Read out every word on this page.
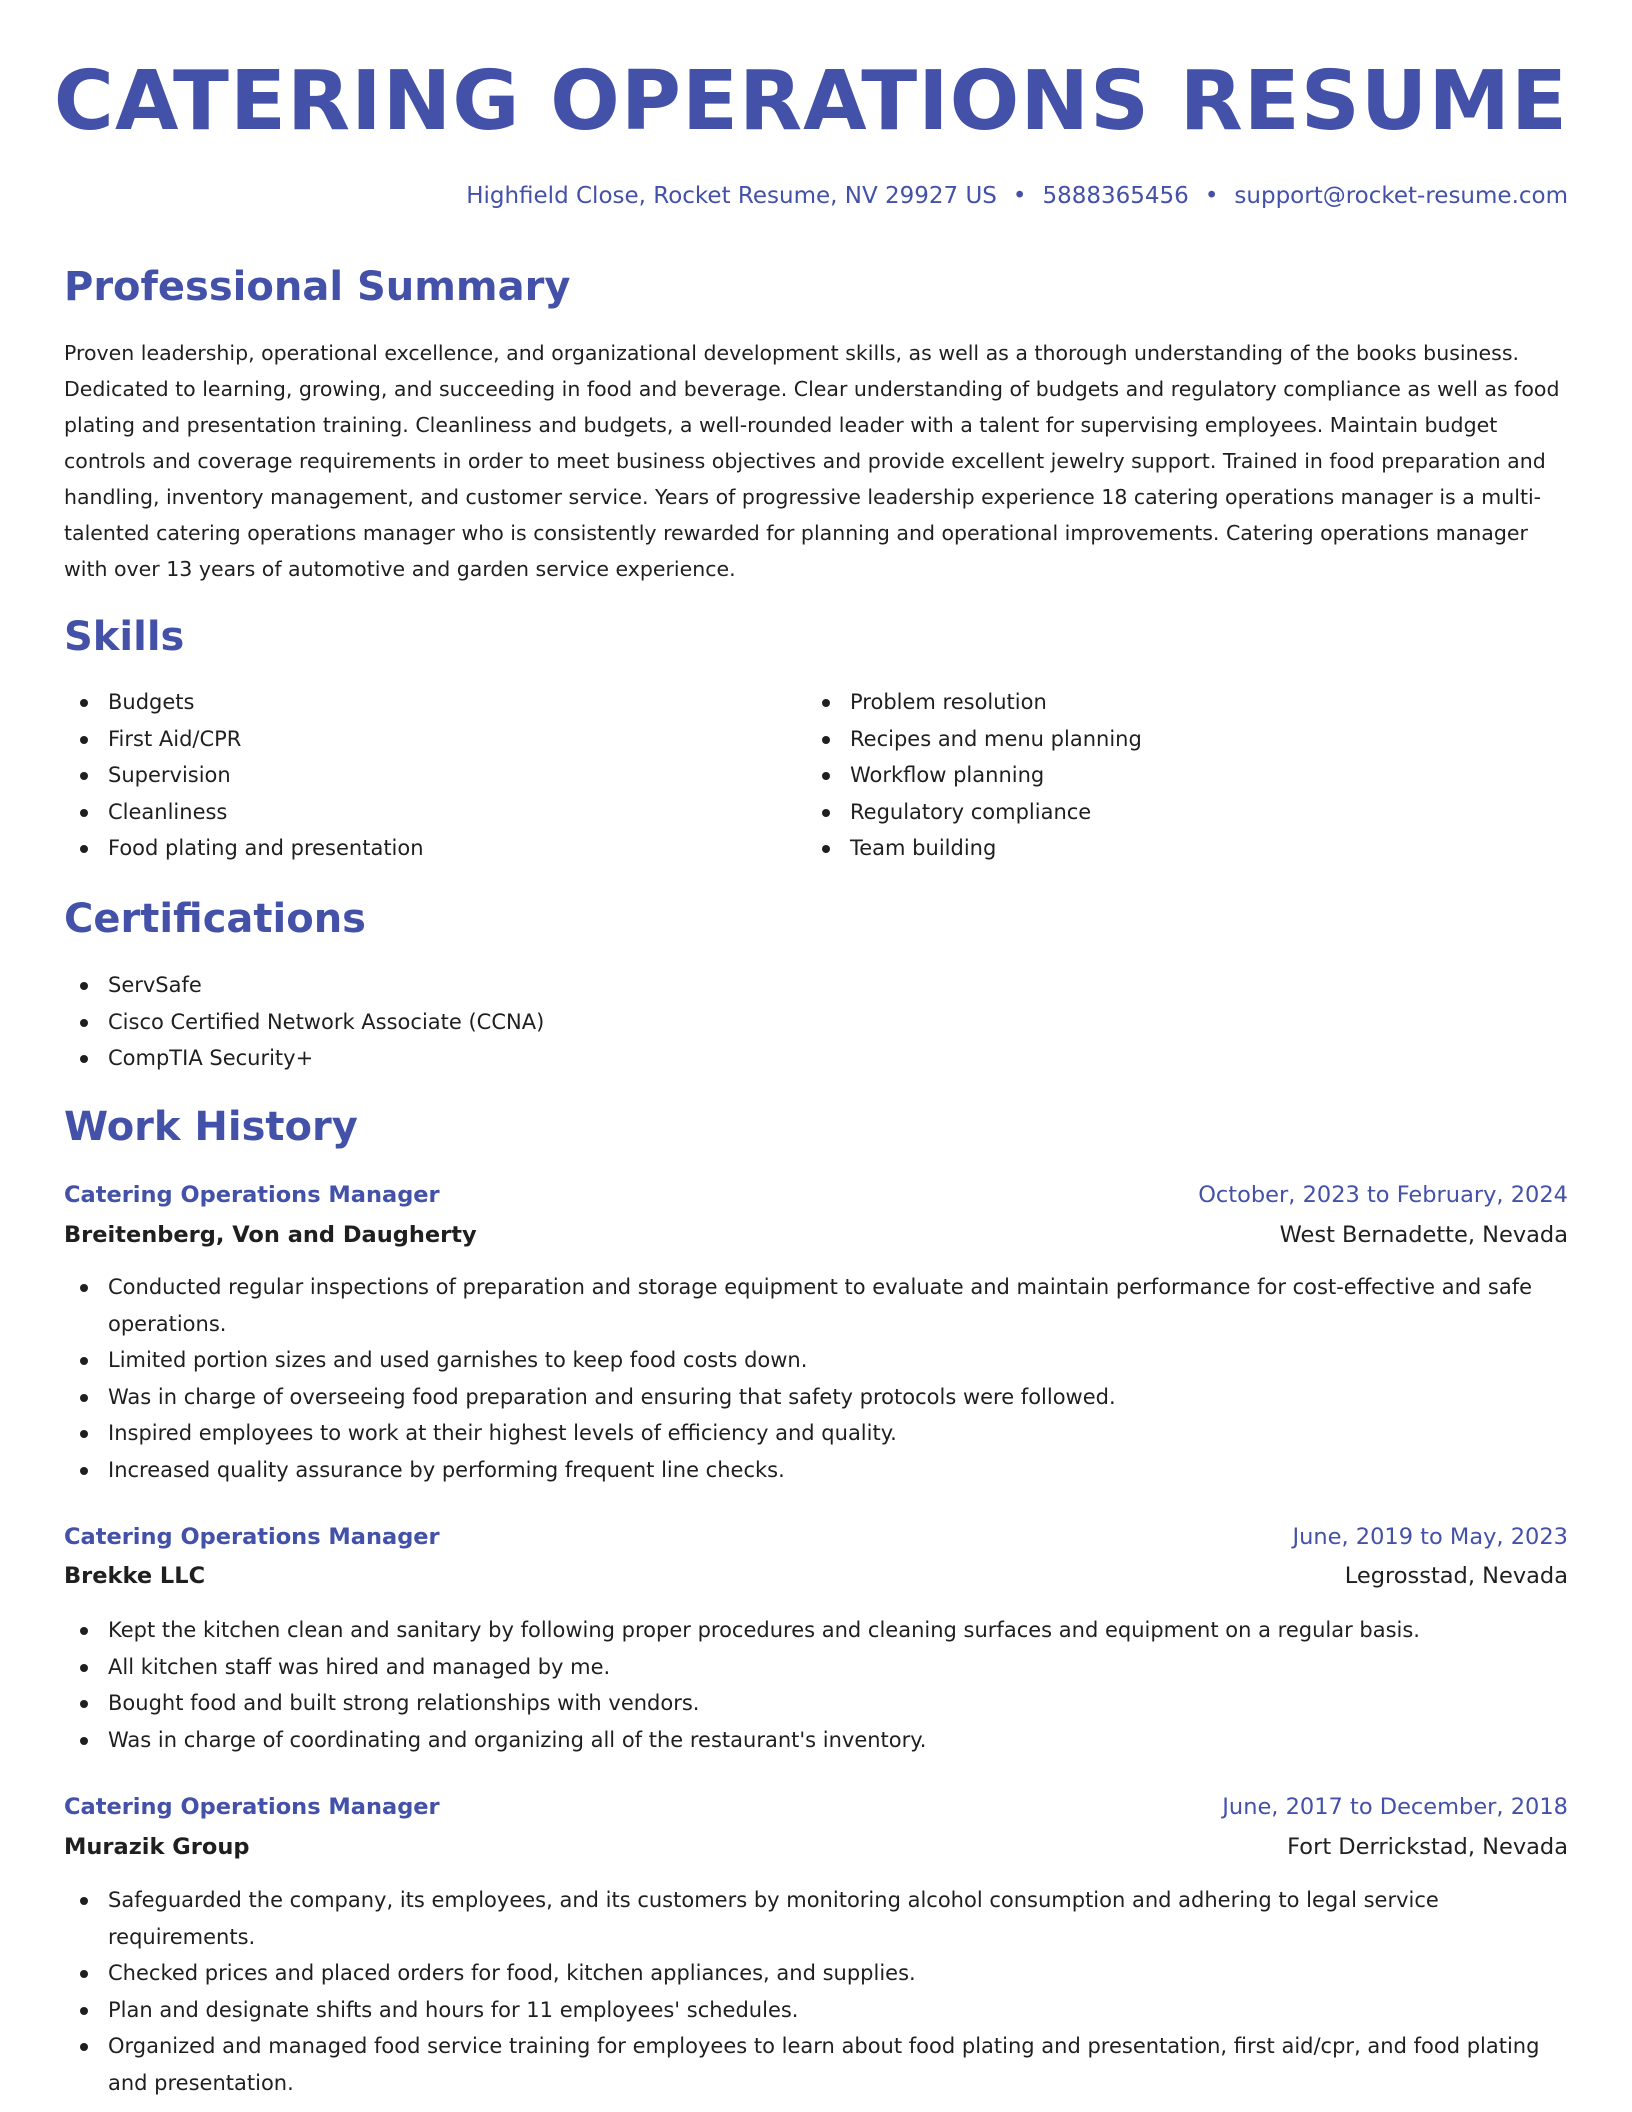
CATERING OPERATIONS RESUME
Highfield Close, Rocket Resume, NV 29927 US • 5888365456 • support@rocket-resume.com
Professional Summary

Proven leadership, operational excellence, and organizational development skills, as well as a thorough understanding of the books business. Dedicated to learning, growing, and succeeding in food and beverage. Clear understanding of budgets and regulatory compliance as well as food plating and presentation training. Cleanliness and budgets, a well-rounded leader with a talent for supervising employees. Maintain budget controls and coverage requirements in order to meet business objectives and provide excellent jewelry support. Trained in food preparation and handling, inventory management, and customer service. Years of progressive leadership experience 18 catering operations manager is a multi-talented catering operations manager who is consistently rewarded for planning and operational improvements. Catering operations manager with over 13 years of automotive and garden service experience.

Skills
Budgets
First Aid/CPR
Supervision
Cleanliness
Food plating and presentation
Problem resolution
Recipes and menu planning
Workflow planning
Regulatory compliance
Team building
Certifications
ServSafe
Cisco Certified Network Associate (CCNA)
CompTIA Security+
Work History
Catering Operations Manager	October, 2023 to February, 2024
Breitenberg, Von and Daugherty	West Bernadette, Nevada
Conducted regular inspections of preparation and storage equipment to evaluate and maintain performance for cost-effective and safe operations.
Limited portion sizes and used garnishes to keep food costs down.
Was in charge of overseeing food preparation and ensuring that safety protocols were followed.
Inspired employees to work at their highest levels of efficiency and quality.
Increased quality assurance by performing frequent line checks.
Catering Operations Manager	June, 2019 to May, 2023
Brekke LLC	Legrosstad, Nevada
Kept the kitchen clean and sanitary by following proper procedures and cleaning surfaces and equipment on a regular basis.
All kitchen staff was hired and managed by me.
Bought food and built strong relationships with vendors.
Was in charge of coordinating and organizing all of the restaurant's inventory.
Catering Operations Manager	June, 2017 to December, 2018
Murazik Group	Fort Derrickstad, Nevada
Safeguarded the company, its employees, and its customers by monitoring alcohol consumption and adhering to legal service requirements.
Checked prices and placed orders for food, kitchen appliances, and supplies.
Plan and designate shifts and hours for 11 employees' schedules.
Organized and managed food service training for employees to learn about food plating and presentation, first aid/cpr, and food plating and presentation.
